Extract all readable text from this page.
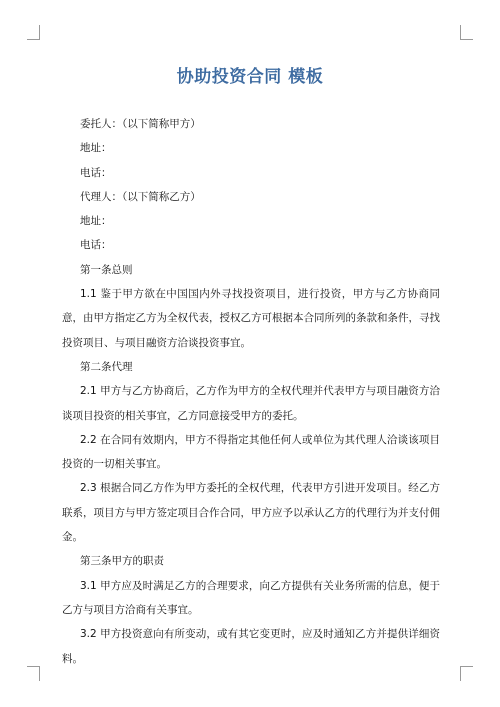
协助投资合同 模板

委托人：（以下简称甲方）

地址：

电话：

代理人：（以下简称乙方）

地址：

电话：

第一条总则

1.1 鉴于甲方欲在中国国内外寻找投资项目，进行投资，甲方与乙方协商同意，由甲方指定乙方为全权代表，授权乙方可根据本合同所列的条款和条件，寻找投资项目、与项目融资方洽谈投资事宜。

第二条代理

2.1 甲方与乙方协商后，乙方作为甲方的全权代理并代表甲方与项目融资方洽谈项目投资的相关事宜，乙方同意接受甲方的委托。

2.2 在合同有效期内，甲方不得指定其他任何人或单位为其代理人洽谈该项目投资的一切相关事宜。

2.3 根据合同乙方作为甲方委托的全权代理，代表甲方引进开发项目。经乙方联系，项目方与甲方签定项目合作合同，甲方应予以承认乙方的代理行为并支付佣金。

第三条甲方的职责

3.1 甲方应及时满足乙方的合理要求，向乙方提供有关业务所需的信息，便于乙方与项目方洽商有关事宜。

3.2 甲方投资意向有所变动，或有其它变更时，应及时通知乙方并提供详细资料。
